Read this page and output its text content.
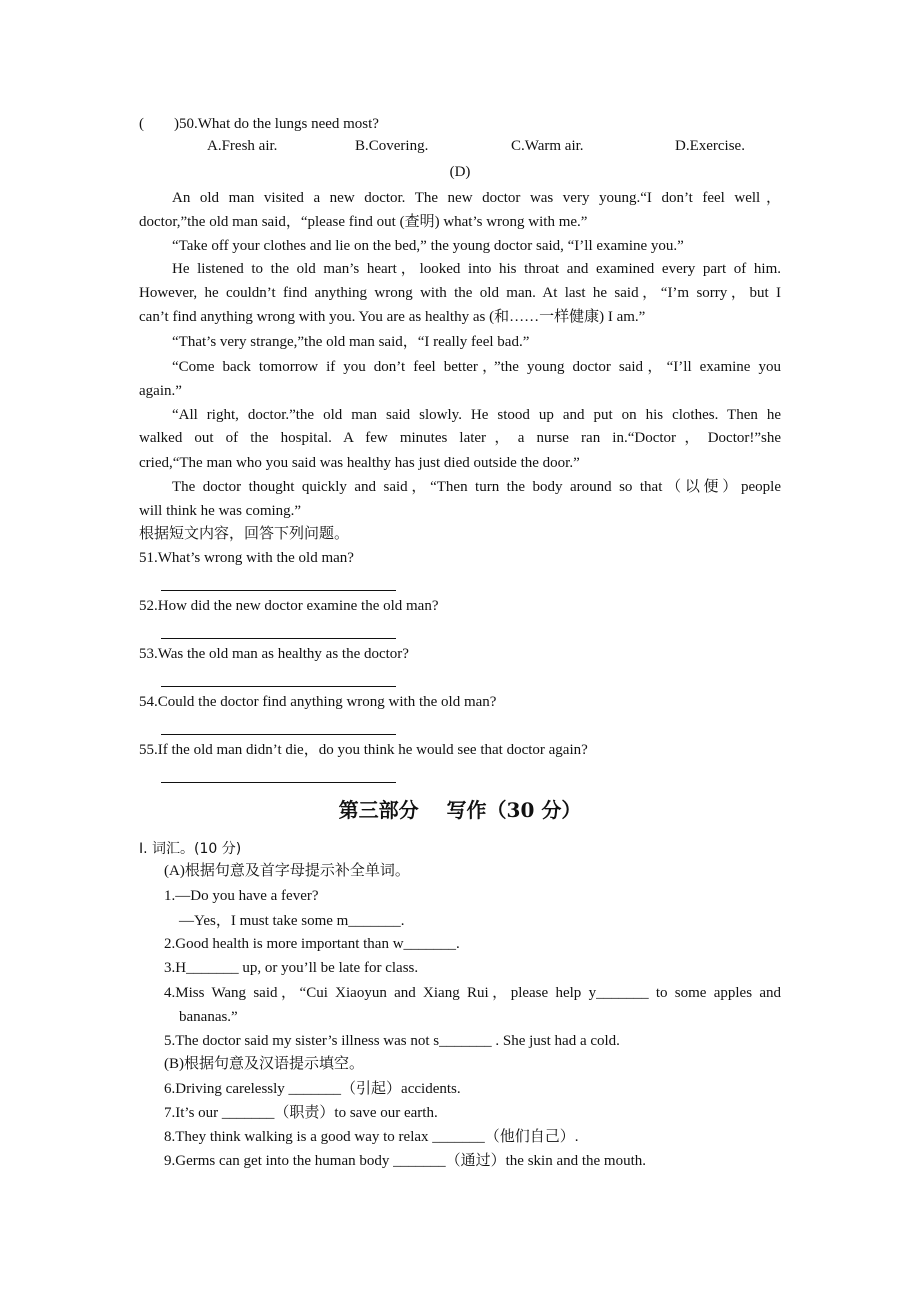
(        )50.What do the lungs need most?
A.Fresh air.	B.Covering.	C.Warm air.	D.Exercise.
(D)
An old man visited a new doctor. The new doctor was very young.“I don’t feel well，
doctor,”the old man said，“please find out (查明) what’s wrong with me.”
“Take off your clothes and lie on the bed,” the young doctor said, “I’ll examine you.”
He listened to the old man’s heart，looked into his throat and examined every part of him.
However, he couldn’t find anything wrong with the old man. At last he said，“I’m sorry，but I
can’t find anything wrong with you. You are as healthy as (和……一样健康) I am.”
“That’s very strange,”the old man said，“I really feel bad.”
“Come back tomorrow if you don’t feel better，”the young doctor said，“I’ll examine you
again.”
“All right, doctor.”the old man said slowly. He stood up and put on his clothes. Then he
walked out of the hospital. A few minutes later，a nurse ran in.“Doctor，Doctor!”she
cried,“The man who you said was healthy has just died outside the door.”
The doctor thought quickly and said，“Then turn the body around so that（以便）people
will think he was coming.”
根据短文内容，回答下列问题。
51.What’s wrong with the old man?
52.How did the new doctor examine the old man?
53.Was the old man as healthy as the doctor?
54.Could the doctor find anything wrong with the old man?
55.If the old man didn’t die，do you think he would see that doctor again?
第三部分    写作（30 分）
Ⅰ. 词汇。(10 分)
(A)根据句意及首字母提示补全单词。
1.—Do you have a fever?
—Yes，I must take some m_______.
2.Good health is more important than w_______.
3.H_______ up, or you’ll be late for class.
4.Miss Wang said，“Cui Xiaoyun and Xiang Rui，please help y_______ to some apples and
bananas.”
5.The doctor said my sister’s illness was not s_______ . She just had a cold.
(B)根据句意及汉语提示填空。
6.Driving carelessly _______（引起）accidents.
7.It’s our _______（职责）to save our earth.
8.They think walking is a good way to relax _______（他们自己）.
9.Germs can get into the human body _______（通过）the skin and the mouth.
